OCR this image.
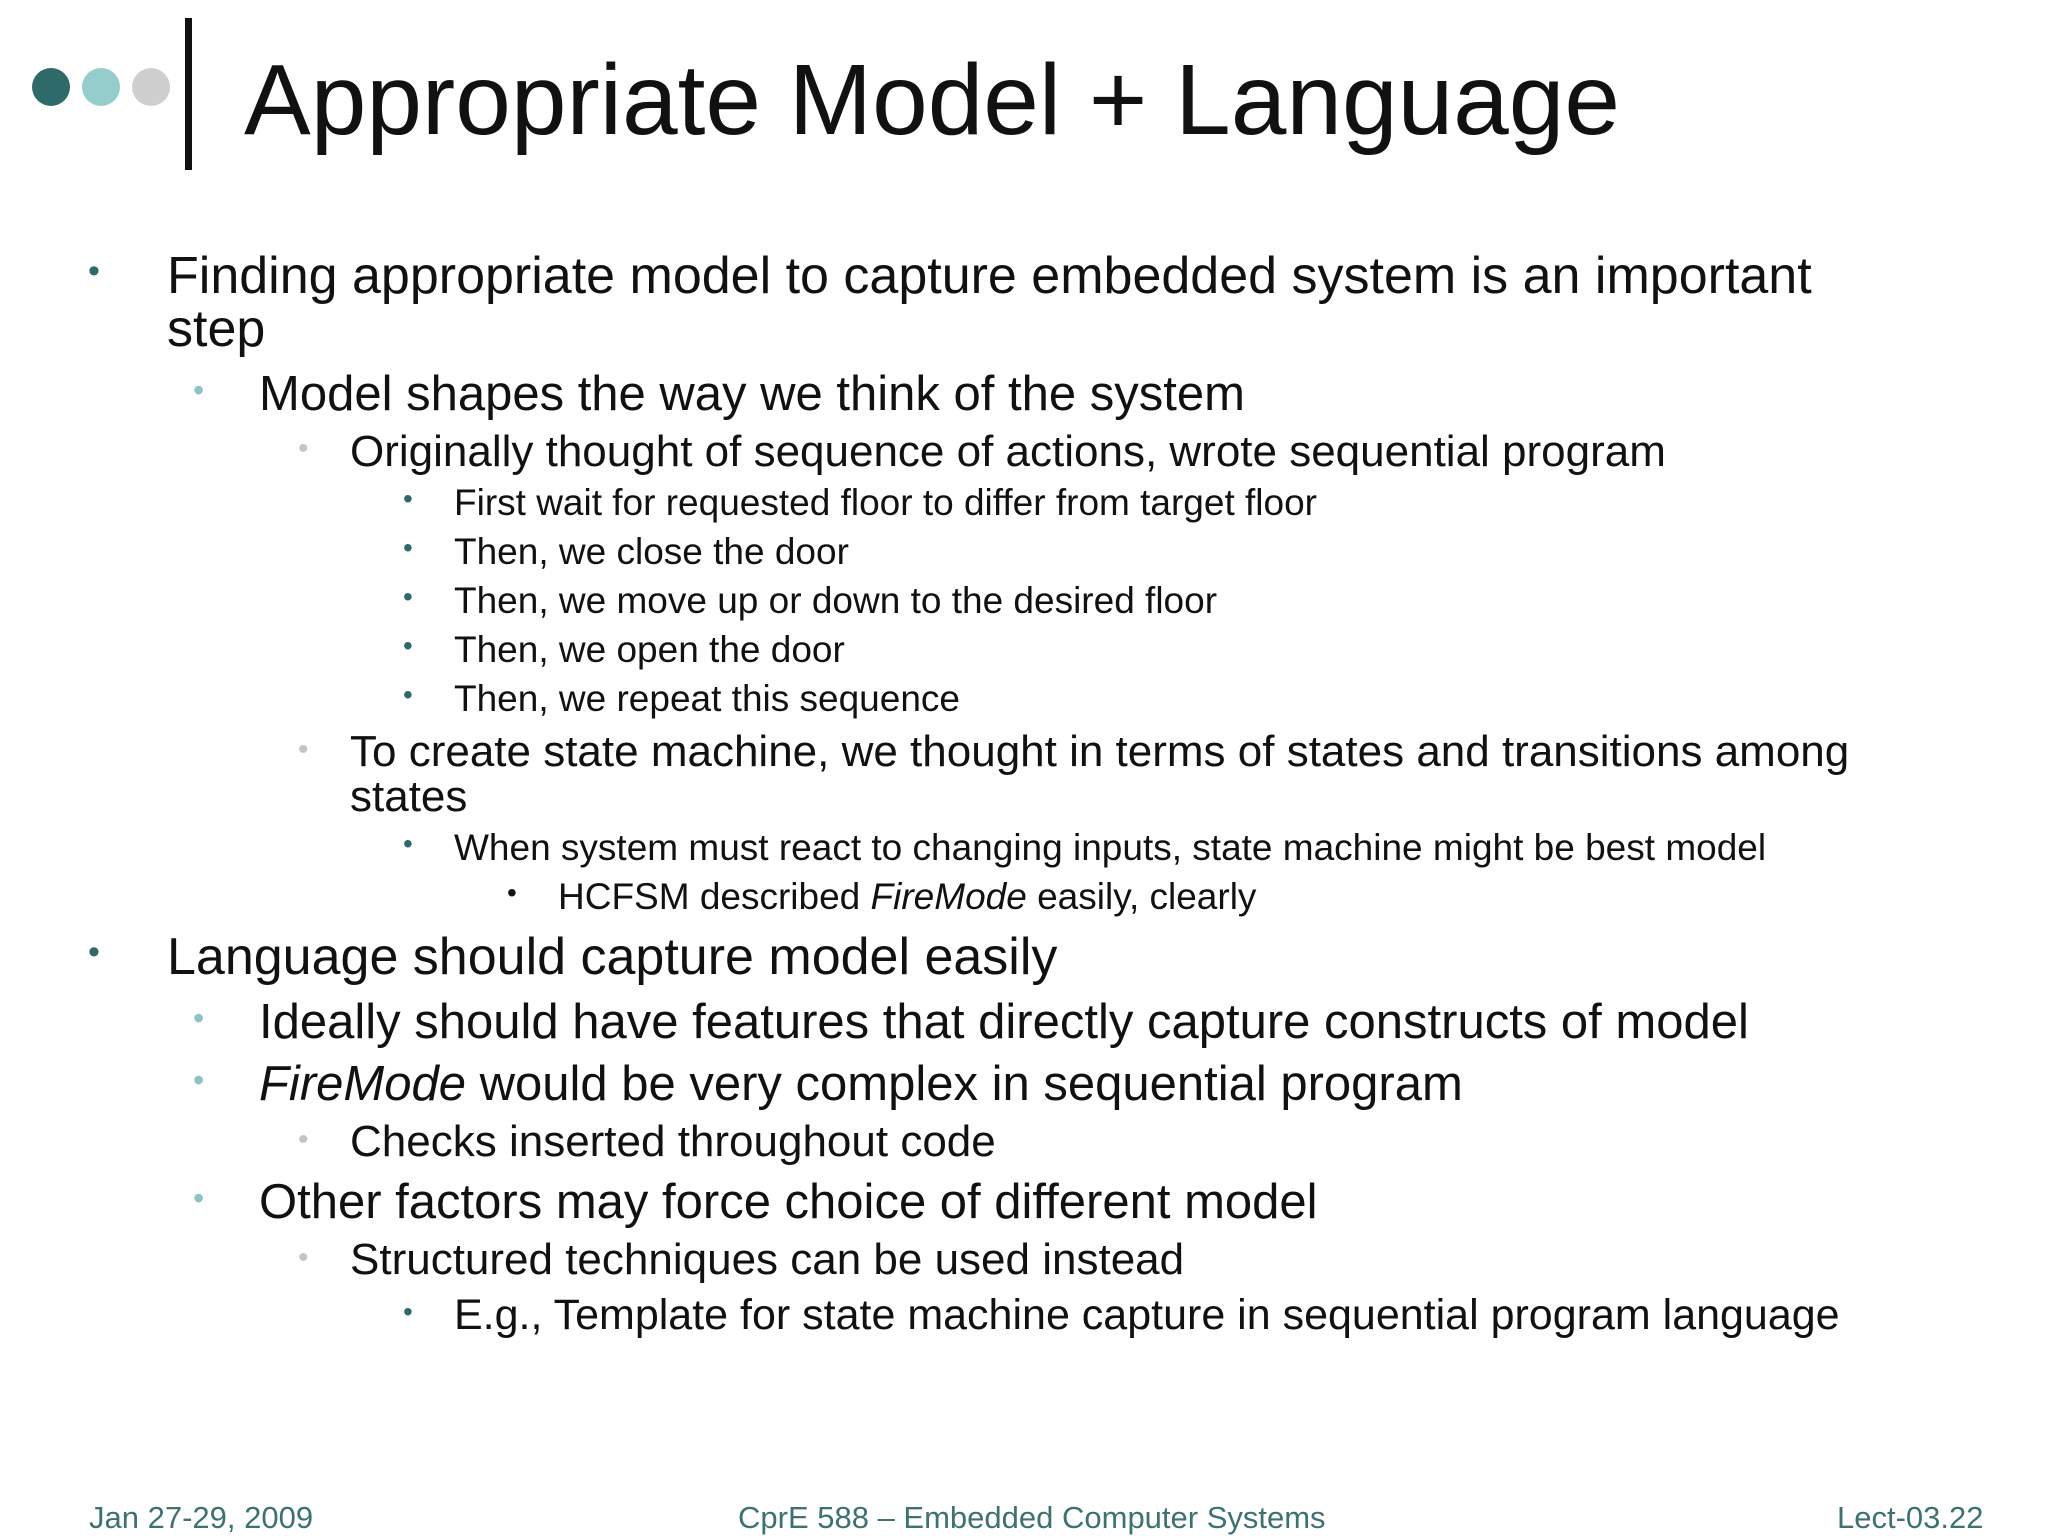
Appropriate Model + Language
• Finding appropriate model to capture embedded system is an important
step
• Model shapes the way we think of the system
• Originally thought of sequence of actions, wrote sequential program
• First wait for requested floor to differ from target floor
• Then, we close the door
• Then, we move up or down to the desired floor
• Then, we open the door
• Then, we repeat this sequence
• To create state machine, we thought in terms of states and transitions among
states
• When system must react to changing inputs, state machine might be best model
• HCFSM described FireMode easily, clearly
• Language should capture model easily
• Ideally should have features that directly capture constructs of model
• FireMode would be very complex in sequential program
• Checks inserted throughout code
• Other factors may force choice of different model
• Structured techniques can be used instead
• E.g., Template for state machine capture in sequential program language
Jan 27-29, 2009	CprE 588 – Embedded Computer Systems	Lect-03.22
